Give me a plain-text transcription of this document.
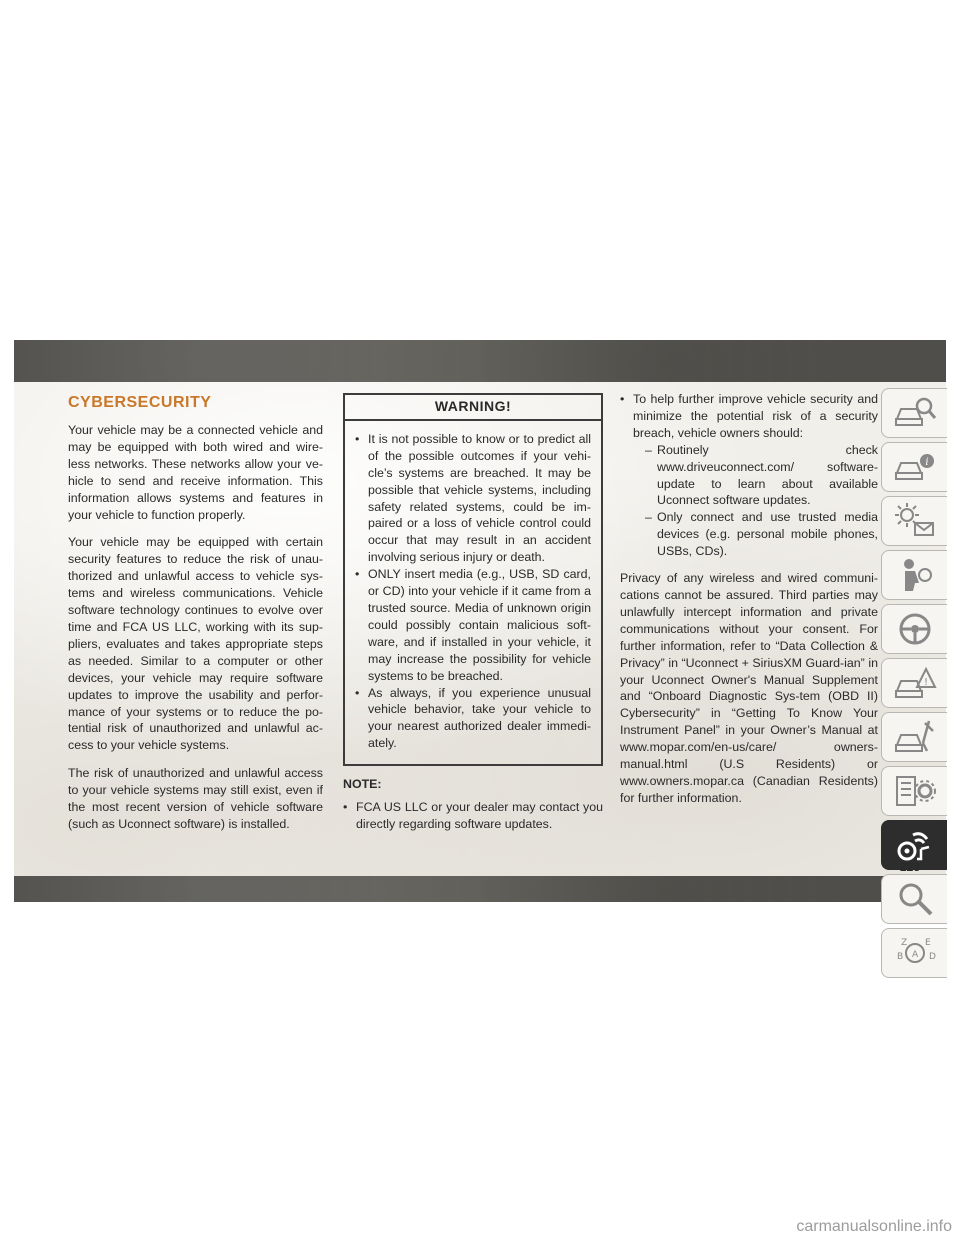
CYBERSECURITY

Your vehicle may be a connected vehicle and may be equipped with both wired and wire-less networks. These networks allow your ve-hicle to send and receive information. This information allows systems and features in your vehicle to function properly.

Your vehicle may be equipped with certain security features to reduce the risk of unau-thorized and unlawful access to vehicle sys-tems and wireless communications. Vehicle software technology continues to evolve over time and FCA US LLC, working with its sup-pliers, evaluates and takes appropriate steps as needed. Similar to a computer or other devices, your vehicle may require software updates to improve the usability and perfor-mance of your systems or to reduce the po-tential risk of unauthorized and unlawful ac-cess to your vehicle systems.

The risk of unauthorized and unlawful access to your vehicle systems may still exist, even if the most recent version of vehicle software (such as Uconnect software) is installed.

WARNING!
• It is not possible to know or to predict all of the possible outcomes if your vehi-cle’s systems are breached. It may be possible that vehicle systems, including safety related systems, could be im-paired or a loss of vehicle control could occur that may result in an accident involving serious injury or death.
• ONLY insert media (e.g., USB, SD card, or CD) into your vehicle if it came from a trusted source. Media of unknown origin could possibly contain malicious soft-ware, and if installed in your vehicle, it may increase the possibility for vehicle systems to be breached.
• As always, if you experience unusual vehicle behavior, take your vehicle to your nearest authorized dealer immedi-ately.
NOTE:
• FCA US LLC or your dealer may contact you directly regarding software updates.
• To help further improve vehicle security and minimize the potential risk of a security breach, vehicle owners should:
– Routinely check www.driveuconnect.com/ software-update to learn about available Uconnect software updates.
– Only connect and use trusted media devices (e.g. personal mobile phones, USBs, CDs).

Privacy of any wireless and wired communi-cations cannot be assured. Third parties may unlawfully intercept information and private communications without your consent. For further information, refer to “Data Collection & Privacy” in “Uconnect + SiriusXM Guard-ian” in your Uconnect Owner's Manual Supplement and “Onboard Diagnostic Sys-tem (OBD II) Cybersecurity” in “Getting To Know Your Instrument Panel” in your Owner’s Manual at www.mopar.com/en-us/care/ owners-manual.html (U.S Residents) or www.owners.mopar.ca (Canadian Residents) for further information.

i
!
Z E
B	D
A
223
carmanualsonline.info
